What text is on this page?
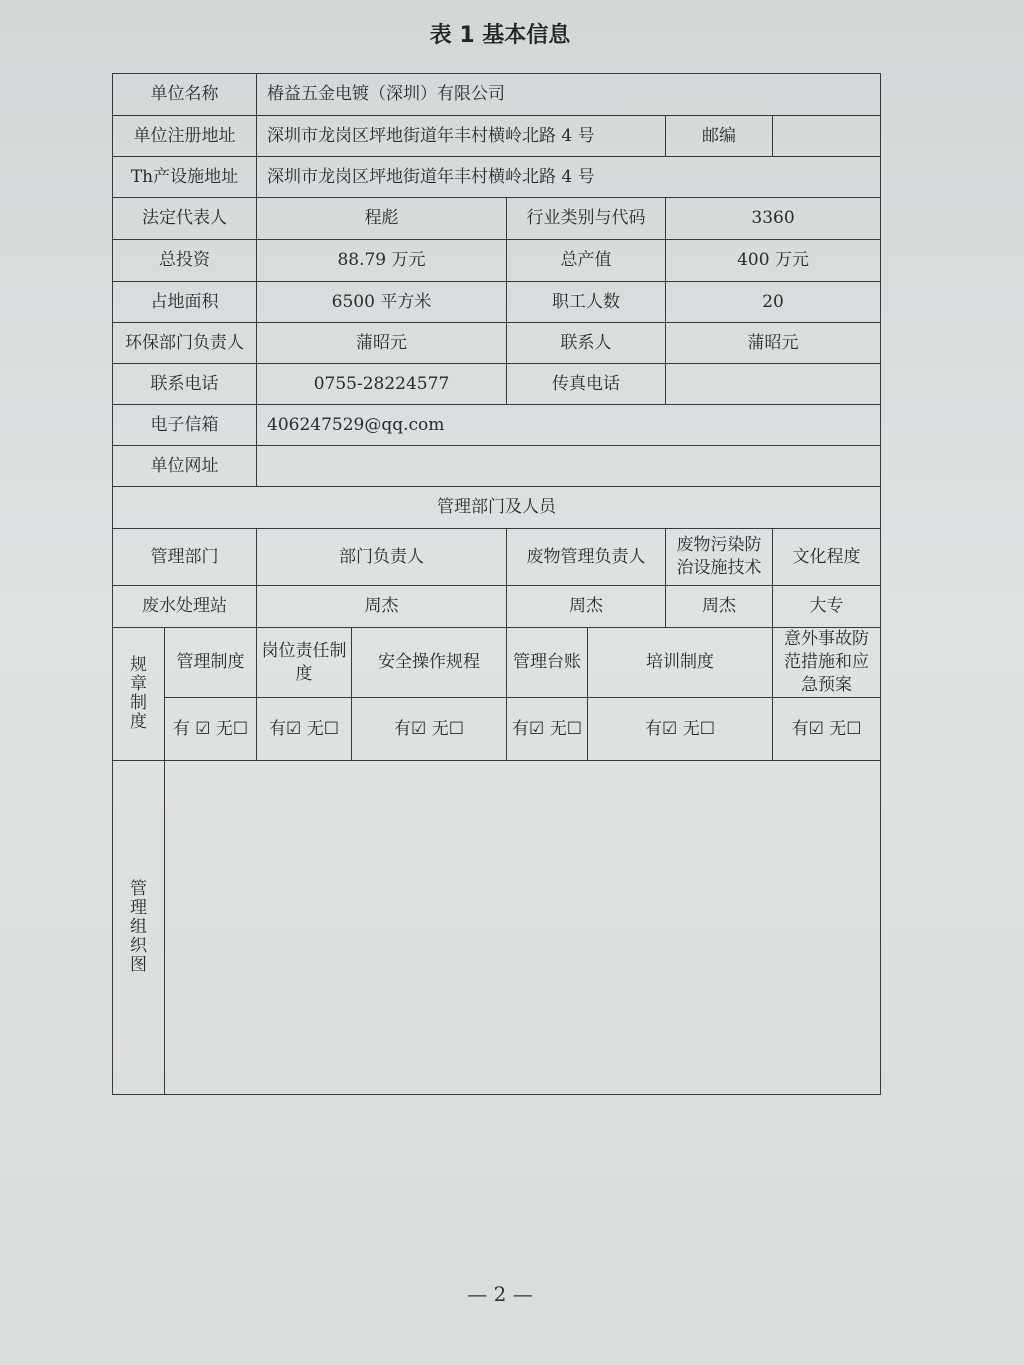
表 1 基本信息
单位名称		椿益五金电镀（深圳）有限公司					
单位注册地址		深圳市龙岗区坪地街道年丰村横岭北路 4 号				邮编	
Th产设施地址		深圳市龙岗区坪地街道年丰村横岭北路 4 号					
法定代表人		程彪		行业类别与代码		3360	
总投资		88.79 万元		总产值		400 万元	
占地面积		6500 平方米		职工人数		20	
环保部门负责人		蒲昭元		联系人		蒲昭元	
联系电话		0755-28224577		传真电话			
电子信箱		406247529@qq.com					
单位网址							
管理部门及人员							
管理部门		部门负责人		废物管理负责人		废物污染防治设施技术	文化程度
废水处理站		周杰		周杰		周杰	大专

规章制度	管理制度	岗位责任制度	安全操作规程	管理台账	培训制度		意外事故防范措施和应急预案
	有 ☑ 无☐	有☑ 无☐	有☑ 无☐	有☑ 无☐	有☑ 无☐		有☑ 无☐

管理组织图							

— 2 —
